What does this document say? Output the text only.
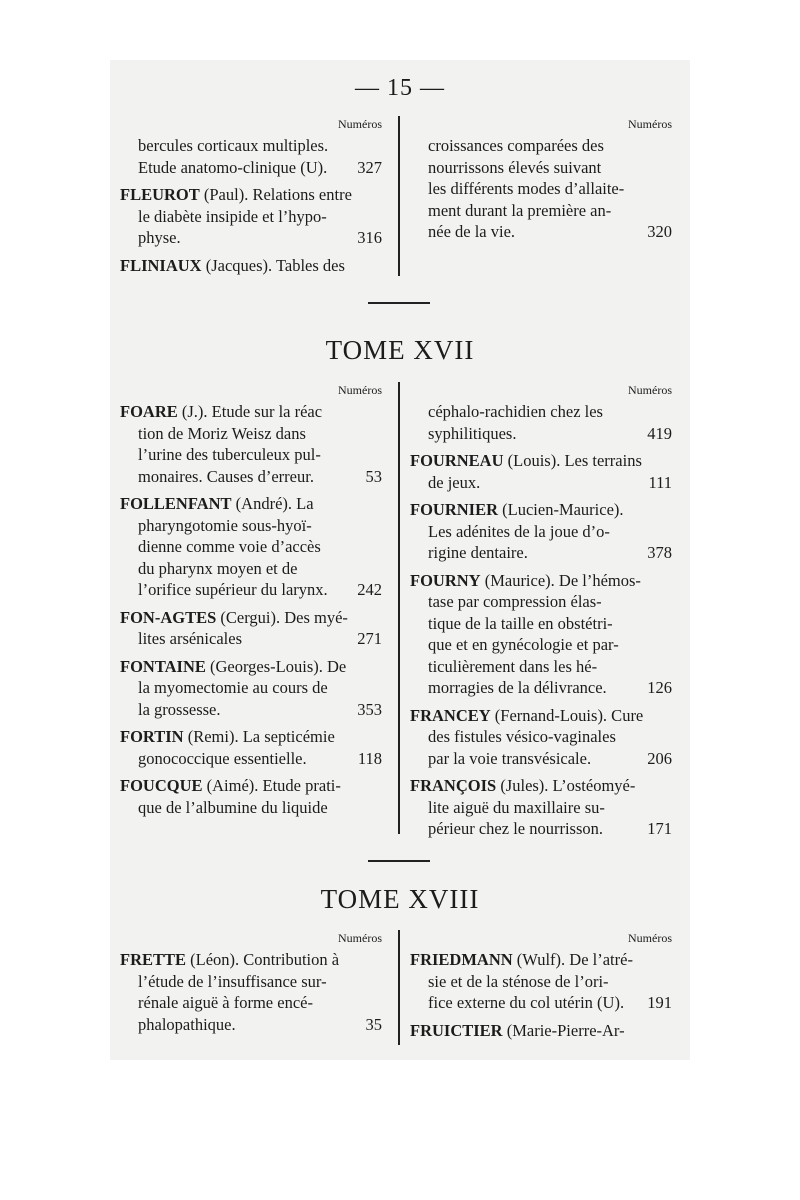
— 15 —
Numéros
bercules corticaux multiples.
Etude anatomo-clinique (U).	327
FLEUROT (Paul). Relations entre
le diabète insipide et l’hypo-
physe.	316
FLINIAUX (Jacques). Tables des
Numéros
croissances comparées des
nourrissons élevés suivant
les différents modes d’allaite-
ment durant la première an-
née de la vie.	320
TOME XVII
Numéros
FOARE (J.). Etude sur la réac
tion de Moriz Weisz dans
l’urine des tuberculeux pul-
monaires. Causes d’erreur.	53
FOLLENFANT (André). La
pharyngotomie sous-hyoï-
dienne comme voie d’accès
du pharynx moyen et de
l’orifice supérieur du larynx.	242
FON-AGTES (Cergui). Des myé-
lites arsénicales	271
FONTAINE (Georges-Louis). De
la myomectomie au cours de
la grossesse.	353
FORTIN (Remi). La septicémie
gonococcique essentielle.	118
FOUCQUE (Aimé). Etude prati-
que de l’albumine du liquide
Numéros
céphalo-rachidien chez les
syphilitiques.	419
FOURNEAU (Louis). Les terrains
de jeux.	111
FOURNIER (Lucien-Maurice).
Les adénites de la joue d’o-
rigine dentaire.	378
FOURNY (Maurice). De l’hémos-
tase par compression élas-
tique de la taille en obstétri-
que et en gynécologie et par-
ticulièrement dans les hé-
morragies de la délivrance.	126
FRANCEY (Fernand-Louis). Cure
des fistules vésico-vaginales
par la voie transvésicale.	206
FRANÇOIS (Jules). L’ostéomyé-
lite aiguë du maxillaire su-
périeur chez le nourrisson.	171
TOME XVIII
Numéros
FRETTE (Léon). Contribution à
l’étude de l’insuffisance sur-
rénale aiguë à forme encé-
phalopathique.	35
Numéros
FRIEDMANN (Wulf). De l’atré-
sie et de la sténose de l’ori-
fice externe du col utérin (U).	191
FRUICTIER (Marie-Pierre-Ar-
